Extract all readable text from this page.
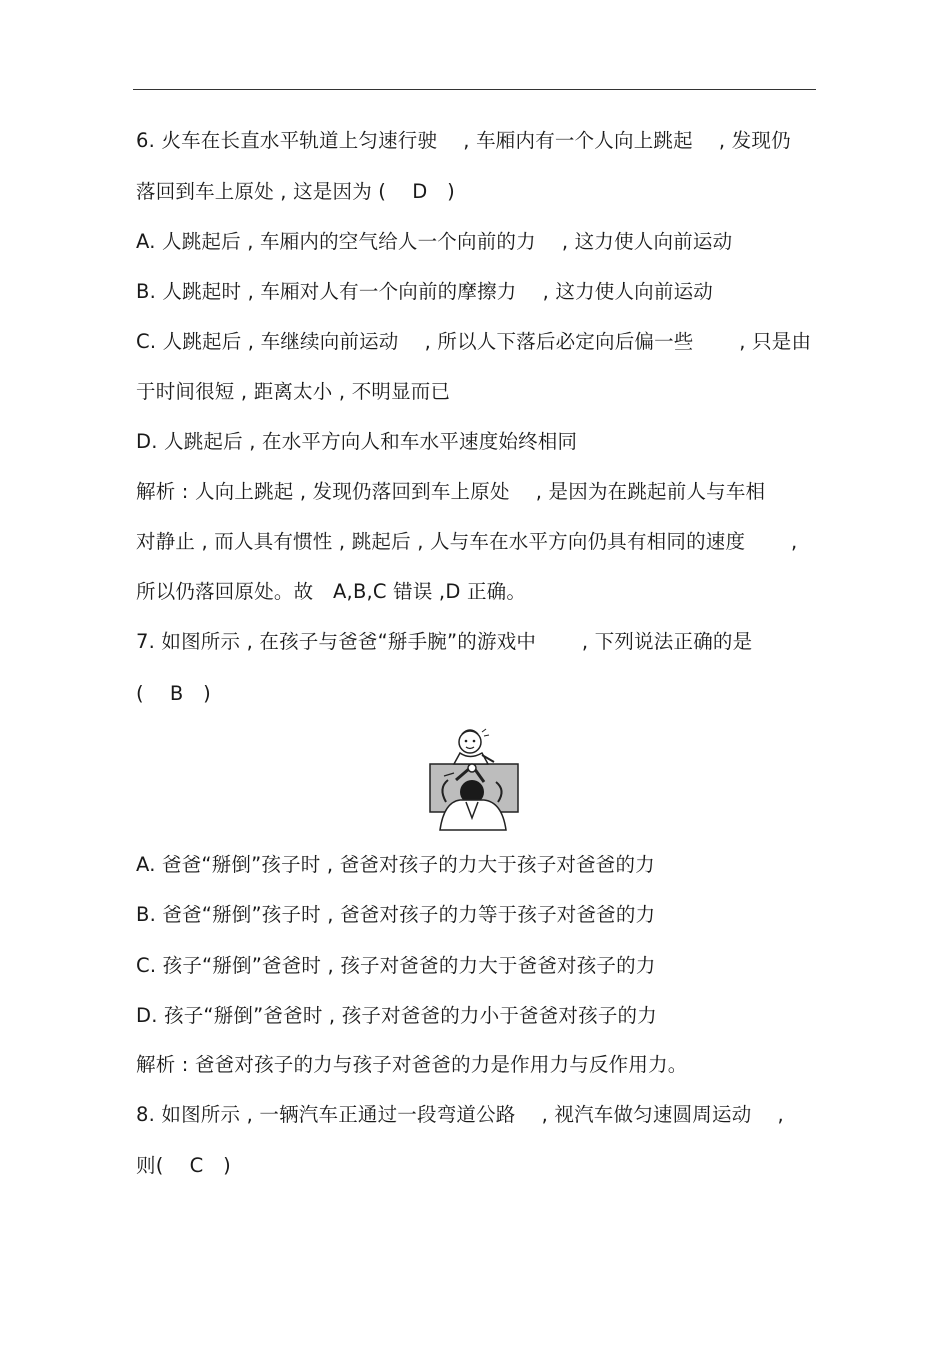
6. 火车在长直水平轨道上匀速行驶　 , 车厢内有一个人向上跳起　 , 发现仍
落回到车上原处 , 这是因为 (　 D　)
A. 人跳起后 , 车厢内的空气给人一个向前的力　 , 这力使人向前运动
B. 人跳起时 , 车厢对人有一个向前的摩擦力　 , 这力使人向前运动
C. 人跳起后 , 车继续向前运动　 , 所以人下落后必定向后偏一些　　 , 只是由
于时间很短 , 距离太小 , 不明显而已
D. 人跳起后 , 在水平方向人和车水平速度始终相同
解析 : 人向上跳起 , 发现仍落回到车上原处　 , 是因为在跳起前人与车相
对静止 , 而人具有惯性 , 跳起后 , 人与车在水平方向仍具有相同的速度　　 ,
所以仍落回原处。故　A,B,C 错误 ,D 正确。
7. 如图所示 , 在孩子与爸爸“掰手腕”的游戏中　　 , 下列说法正确的是
(　 B　)
A. 爸爸“掰倒”孩子时 , 爸爸对孩子的力大于孩子对爸爸的力
B. 爸爸“掰倒”孩子时 , 爸爸对孩子的力等于孩子对爸爸的力
C. 孩子“掰倒”爸爸时 , 孩子对爸爸的力大于爸爸对孩子的力
D. 孩子“掰倒”爸爸时 , 孩子对爸爸的力小于爸爸对孩子的力
解析 : 爸爸对孩子的力与孩子对爸爸的力是作用力与反作用力。
8. 如图所示 , 一辆汽车正通过一段弯道公路　 , 视汽车做匀速圆周运动　 ,
则(　 C　)
